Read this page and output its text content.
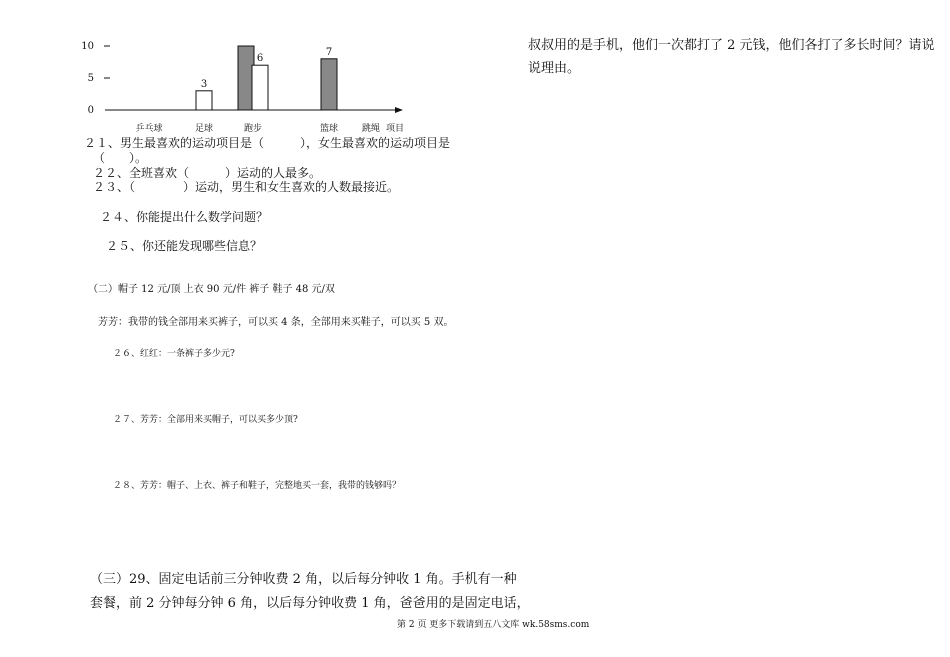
0
5
10
3
6
7
乒乓球	足球	跑步	篮球	跳绳 项目
２１、男生最喜欢的运动项目是（　　　），女生最喜欢的运动项目是
（　　）。
２２、全班喜欢（　　　）运动的人最多。
２３、（　　　　）运动，男生和女生喜欢的人数最接近。
２４、你能提出什么数学问题？
２５、你还能发现哪些信息？
（二）帽子 12 元/顶 上衣 90 元/件 裤子 鞋子 48 元/双
芳芳：我带的钱全部用来买裤子，可以买 4 条，全部用来买鞋子，可以买 5 双。
２６、红红：一条裤子多少元?
２７、芳芳：全部用来买帽子，可以买多少顶?
２８、芳芳：帽子、上衣、裤子和鞋子，完整地买一套，我带的钱够吗？
（三）29、固定电话前三分钟收费 2 角，以后每分钟收 1 角。手机有一种
套餐，前 2 分钟每分钟 6 角，以后每分钟收费 1 角，爸爸用的是固定电话，
叔叔用的是手机，他们一次都打了 2 元钱，他们各打了多长时间？请说
说理由。
第 2 页 更多下载请到五八文库 wk.58sms.com
